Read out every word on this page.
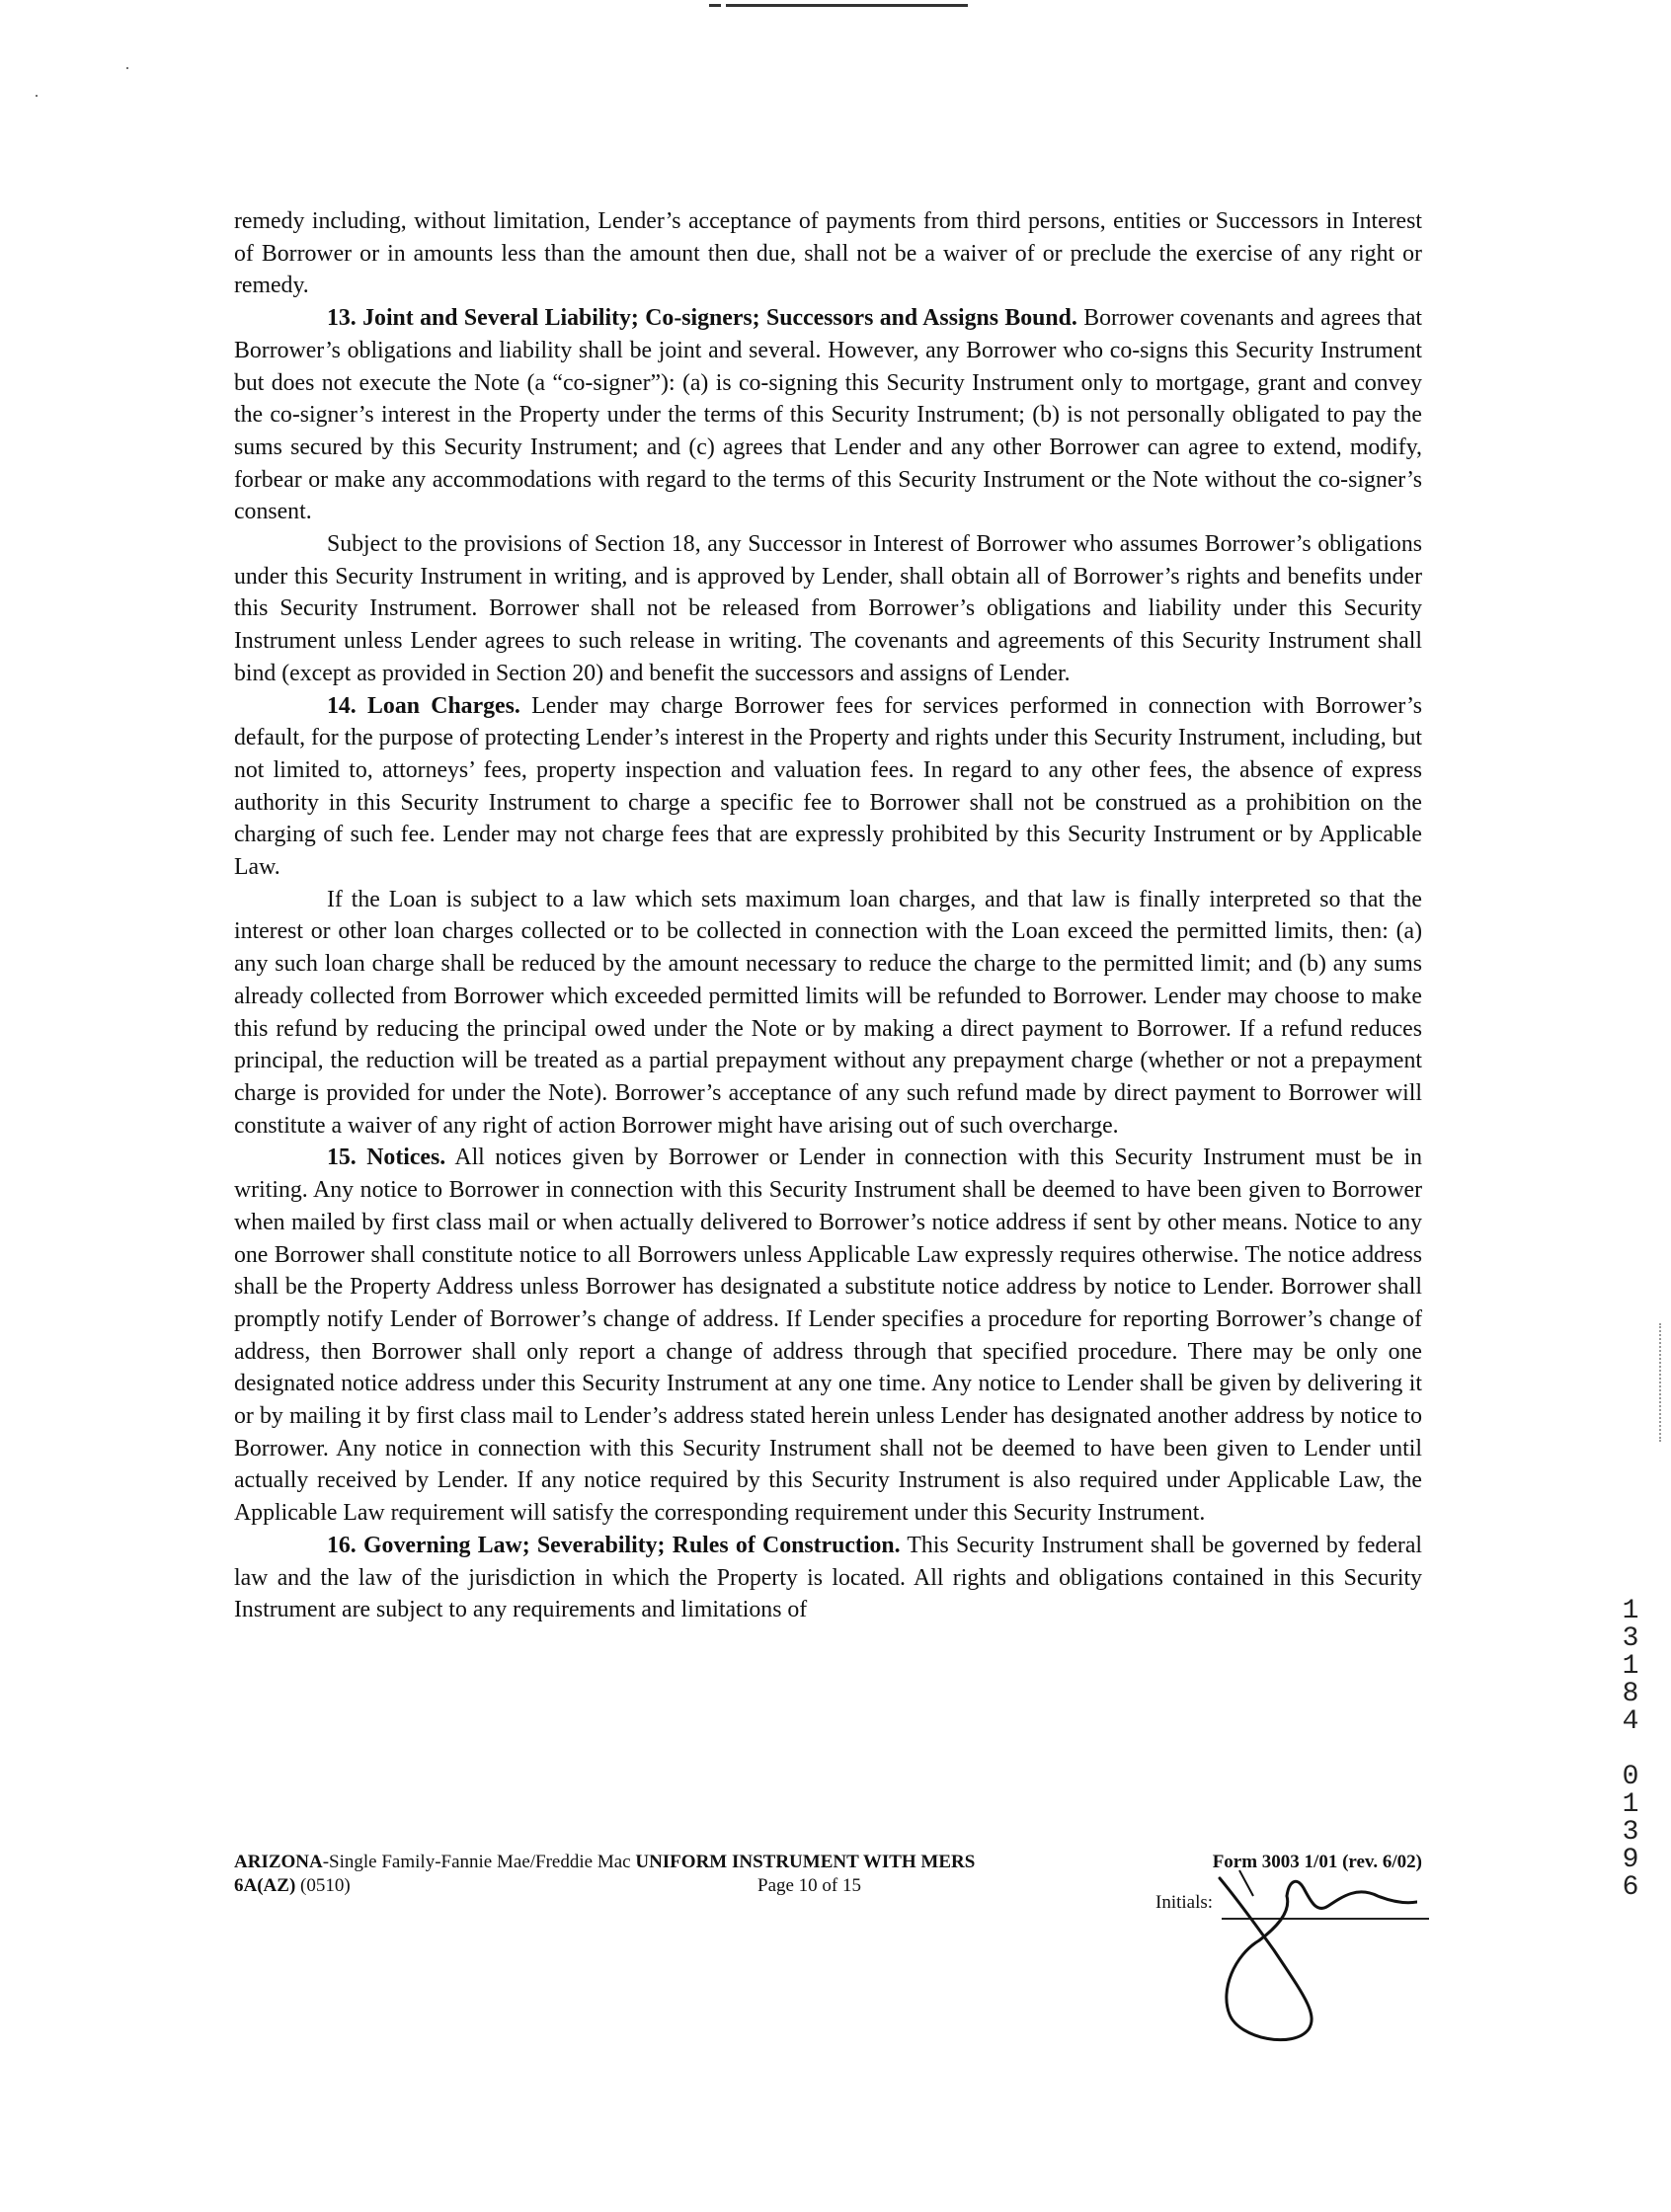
remedy including, without limitation, Lender’s acceptance of payments from third persons, entities or Successors in Interest of Borrower or in amounts less than the amount then due, shall not be a waiver of or preclude the exercise of any right or remedy.

13. Joint and Several Liability; Co-signers; Successors and Assigns Bound. Borrower covenants and agrees that Borrower’s obligations and liability shall be joint and several. However, any Borrower who co-signs this Security Instrument but does not execute the Note (a “co-signer”): (a) is co-signing this Security Instrument only to mortgage, grant and convey the co-signer’s interest in the Property under the terms of this Security Instrument; (b) is not personally obligated to pay the sums secured by this Security Instrument; and (c) agrees that Lender and any other Borrower can agree to extend, modify, forbear or make any accommodations with regard to the terms of this Security Instrument or the Note without the co-signer’s consent.

Subject to the provisions of Section 18, any Successor in Interest of Borrower who assumes Borrower’s obligations under this Security Instrument in writing, and is approved by Lender, shall obtain all of Borrower’s rights and benefits under this Security Instrument. Borrower shall not be released from Borrower’s obligations and liability under this Security Instrument unless Lender agrees to such release in writing. The covenants and agreements of this Security Instrument shall bind (except as provided in Section 20) and benefit the successors and assigns of Lender.

14. Loan Charges. Lender may charge Borrower fees for services performed in connection with Borrower’s default, for the purpose of protecting Lender’s interest in the Property and rights under this Security Instrument, including, but not limited to, attorneys’ fees, property inspection and valuation fees. In regard to any other fees, the absence of express authority in this Security Instrument to charge a specific fee to Borrower shall not be construed as a prohibition on the charging of such fee. Lender may not charge fees that are expressly prohibited by this Security Instrument or by Applicable Law.

If the Loan is subject to a law which sets maximum loan charges, and that law is finally interpreted so that the interest or other loan charges collected or to be collected in connection with the Loan exceed the permitted limits, then: (a) any such loan charge shall be reduced by the amount necessary to reduce the charge to the permitted limit; and (b) any sums already collected from Borrower which exceeded permitted limits will be refunded to Borrower. Lender may choose to make this refund by reducing the principal owed under the Note or by making a direct payment to Borrower. If a refund reduces principal, the reduction will be treated as a partial prepayment without any prepayment charge (whether or not a prepayment charge is provided for under the Note). Borrower’s acceptance of any such refund made by direct payment to Borrower will constitute a waiver of any right of action Borrower might have arising out of such overcharge.

15. Notices. All notices given by Borrower or Lender in connection with this Security Instrument must be in writing. Any notice to Borrower in connection with this Security Instrument shall be deemed to have been given to Borrower when mailed by first class mail or when actually delivered to Borrower’s notice address if sent by other means. Notice to any one Borrower shall constitute notice to all Borrowers unless Applicable Law expressly requires otherwise. The notice address shall be the Property Address unless Borrower has designated a substitute notice address by notice to Lender. Borrower shall promptly notify Lender of Borrower’s change of address. If Lender specifies a procedure for reporting Borrower’s change of address, then Borrower shall only report a change of address through that specified procedure. There may be only one designated notice address under this Security Instrument at any one time. Any notice to Lender shall be given by delivering it or by mailing it by first class mail to Lender’s address stated herein unless Lender has designated another address by notice to Borrower. Any notice in connection with this Security Instrument shall not be deemed to have been given to Lender until actually received by Lender. If any notice required by this Security Instrument is also required under Applicable Law, the Applicable Law requirement will satisfy the corresponding requirement under this Security Instrument.

16. Governing Law; Severability; Rules of Construction. This Security Instrument shall be governed by federal law and the law of the jurisdiction in which the Property is located. All rights and obligations contained in this Security Instrument are subject to any requirements and limitations of

ARIZONA-Single Family-Fannie Mae/Freddie Mac UNIFORM INSTRUMENT WITH MERS
6A(AZ) (0510)	Page 10 of 15
Form 3003 1/01 (rev. 6/02)
Initials:
1
3
1
8
4

0
1
3
9
6
